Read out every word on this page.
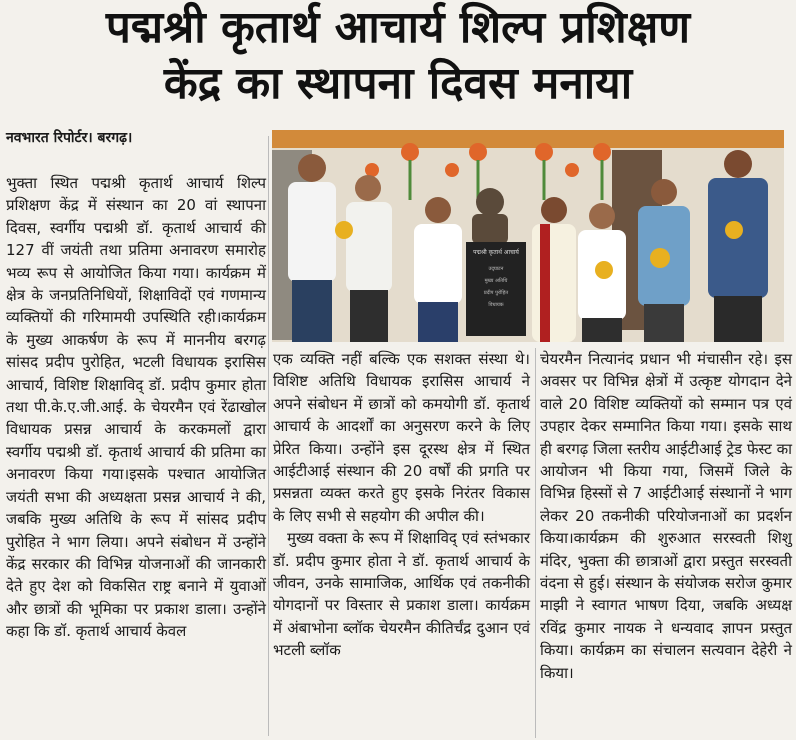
पद्मश्री कृतार्थ आचार्य शिल्प प्रशिक्षण
केंद्र का स्थापना दिवस मनाया
नवभारत रिपोर्टर। बरगढ़।

भुक्ता स्थित पद्मश्री कृतार्थ आचार्य शिल्प प्रशिक्षण केंद्र में संस्थान का 20 वां स्थापना दिवस, स्वर्गीय पद्मश्री डॉ. कृतार्थ आचार्य की 127 वीं जयंती तथा प्रतिमा अनावरण समारोह भव्य रूप से आयोजित किया गया। कार्यक्रम में क्षेत्र के जनप्रतिनिधियों, शिक्षाविदों एवं गणमान्य व्यक्तियों की गरिमामयी उपस्थिति रही।कार्यक्रम के मुख्य आकर्षण के रूप में माननीय बरगढ़ सांसद प्रदीप पुरोहित, भटली विधायक इरासिस आचार्य, विशिष्ट शिक्षाविद् डॉ. प्रदीप कुमार होता तथा पी.के.ए.जी.आई. के चेयरमैन एवं रेंढाखोल विधायक प्रसन्न आचार्य के करकमलों द्वारा स्वर्गीय पद्मश्री डॉ. कृतार्थ आचार्य की प्रतिमा का अनावरण किया गया।इसके पश्चात आयोजित जयंती सभा की अध्यक्षता प्रसन्न आचार्य ने की, जबकि मुख्य अतिथि के रूप में सांसद प्रदीप पुरोहित ने भाग लिया। अपने संबोधन में उन्होंने केंद्र सरकार की विभिन्न योजनाओं की जानकारी देते हुए देश को विकसित राष्ट्र बनाने में युवाओं और छात्रों की भूमिका पर प्रकाश डाला। उन्होंने कहा कि डॉ. कृतार्थ आचार्य केवल

पद्मश्री कृतार्थ आचार्य
उद्‌घाटन
मुख्य अतिथि
प्रदीप पुरोहित
विधायक

एक व्यक्ति नहीं बल्कि एक सशक्त संस्था थे।विशिष्ट अतिथि विधायक इरासिस आचार्य ने अपने संबोधन में छात्रों को कमयोगी डॉ. कृतार्थ आचार्य के आदर्शों का अनुसरण करने के लिए प्रेरित किया। उन्होंने इस दूरस्थ क्षेत्र में स्थित आईटीआई संस्थान की 20 वर्षों की प्रगति पर प्रसन्नता व्यक्त करते हुए इसके निरंतर विकास के लिए सभी से सहयोग की अपील की।

मुख्य वक्ता के रूप में शिक्षाविद् एवं स्तंभकार डॉ. प्रदीप कुमार होता ने डॉ. कृतार्थ आचार्य के जीवन, उनके सामाजिक, आर्थिक एवं तकनीकी योगदानों पर विस्तार से प्रकाश डाला। कार्यक्रम में अंबाभोना ब्लॉक चेयरमैन कीतिर्चंद्र दुआन एवं भटली ब्लॉक

चेयरमैन नित्यानंद प्रधान भी मंचासीन रहे। इस अवसर पर विभिन्न क्षेत्रों में उत्कृष्ट योगदान देने वाले 20 विशिष्ट व्यक्तियों को सम्मान पत्र एवं उपहार देकर सम्मानित किया गया। इसके साथ ही बरगढ़ जिला स्तरीय आईटीआई ट्रेड फेस्ट का आयोजन भी किया गया, जिसमें जिले के विभिन्न हिस्सों से 7 आईटीआई संस्थानों ने भाग लेकर 20 तकनीकी परियोजनाओं का प्रदर्शन किया।कार्यक्रम की शुरुआत सरस्वती शिशु मंदिर, भुक्ता की छात्राओं द्वारा प्रस्तुत सरस्वती वंदना से हुई। संस्थान के संयोजक सरोज कुमार माझी ने स्वागत भाषण दिया, जबकि अध्यक्ष रविंद्र कुमार नायक ने धन्यवाद ज्ञापन प्रस्तुत किया। कार्यक्रम का संचालन सत्यवान देहेरी ने किया।
